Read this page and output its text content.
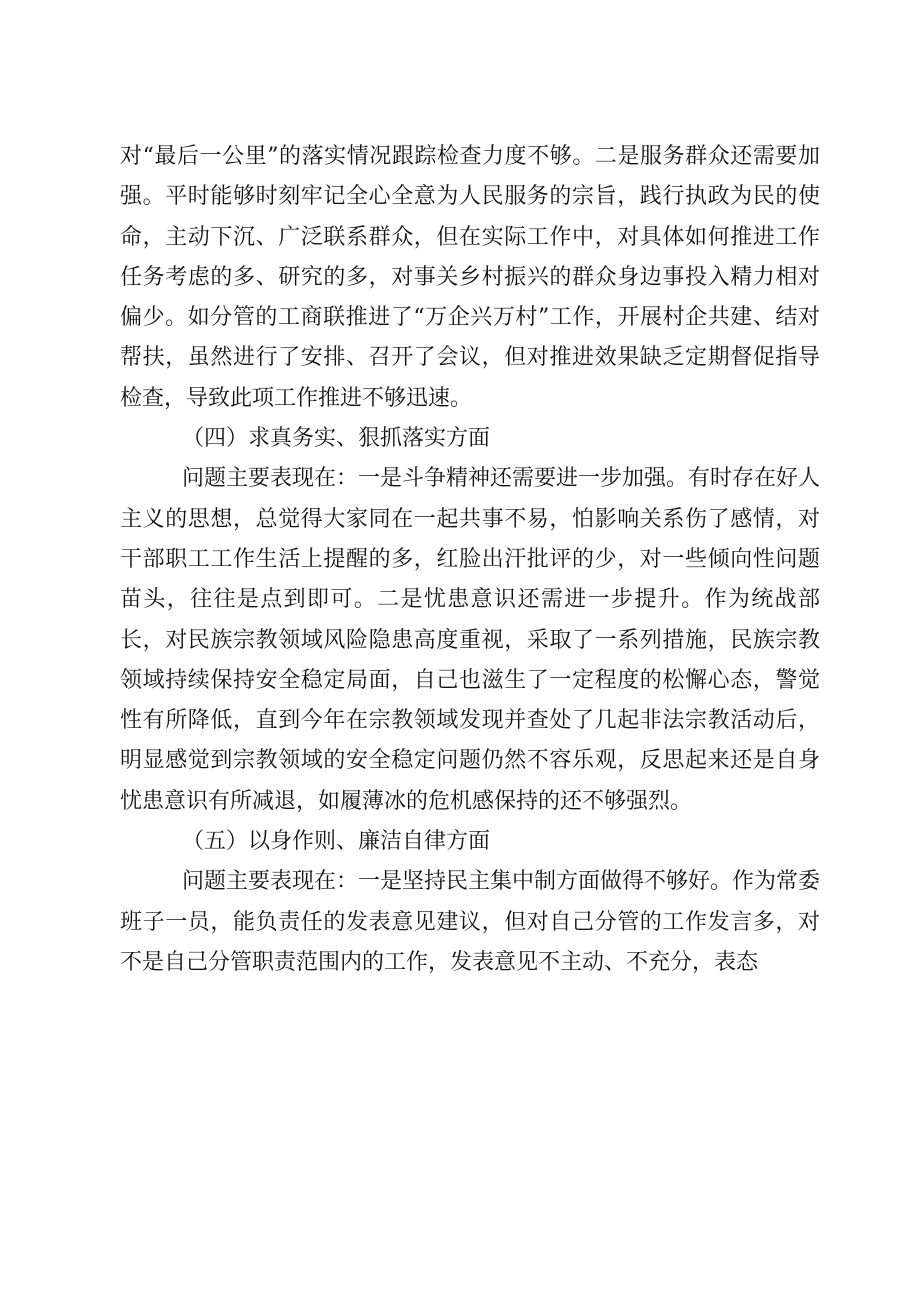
对“最后一公里”的落实情况跟踪检查力度不够。二是服务群众还需要加强。平时能够时刻牢记全心全意为人民服务的宗旨，践行执政为民的使命，主动下沉、广泛联系群众，但在实际工作中，对具体如何推进工作任务考虑的多、研究的多，对事关乡村振兴的群众身边事投入精力相对偏少。如分管的工商联推进了“万企兴万村”工作，开展村企共建、结对帮扶，虽然进行了安排、召开了会议，但对推进效果缺乏定期督促指导检查，导致此项工作推进不够迅速。

（四）求真务实、狠抓落实方面

问题主要表现在：一是斗争精神还需要进一步加强。有时存在好人主义的思想，总觉得大家同在一起共事不易，怕影响关系伤了感情，对干部职工工作生活上提醒的多，红脸出汗批评的少，对一些倾向性问题苗头，往往是点到即可。二是忧患意识还需进一步提升。作为统战部长，对民族宗教领域风险隐患高度重视，采取了一系列措施，民族宗教领域持续保持安全稳定局面，自己也滋生了一定程度的松懈心态，警觉性有所降低，直到今年在宗教领域发现并查处了几起非法宗教活动后，明显感觉到宗教领域的安全稳定问题仍然不容乐观，反思起来还是自身忧患意识有所减退，如履薄冰的危机感保持的还不够强烈。

（五）以身作则、廉洁自律方面

问题主要表现在：一是坚持民主集中制方面做得不够好。作为常委班子一员，能负责任的发表意见建议，但对自己分管的工作发言多，对不是自己分管职责范围内的工作，发表意见不主动、不充分，表态
